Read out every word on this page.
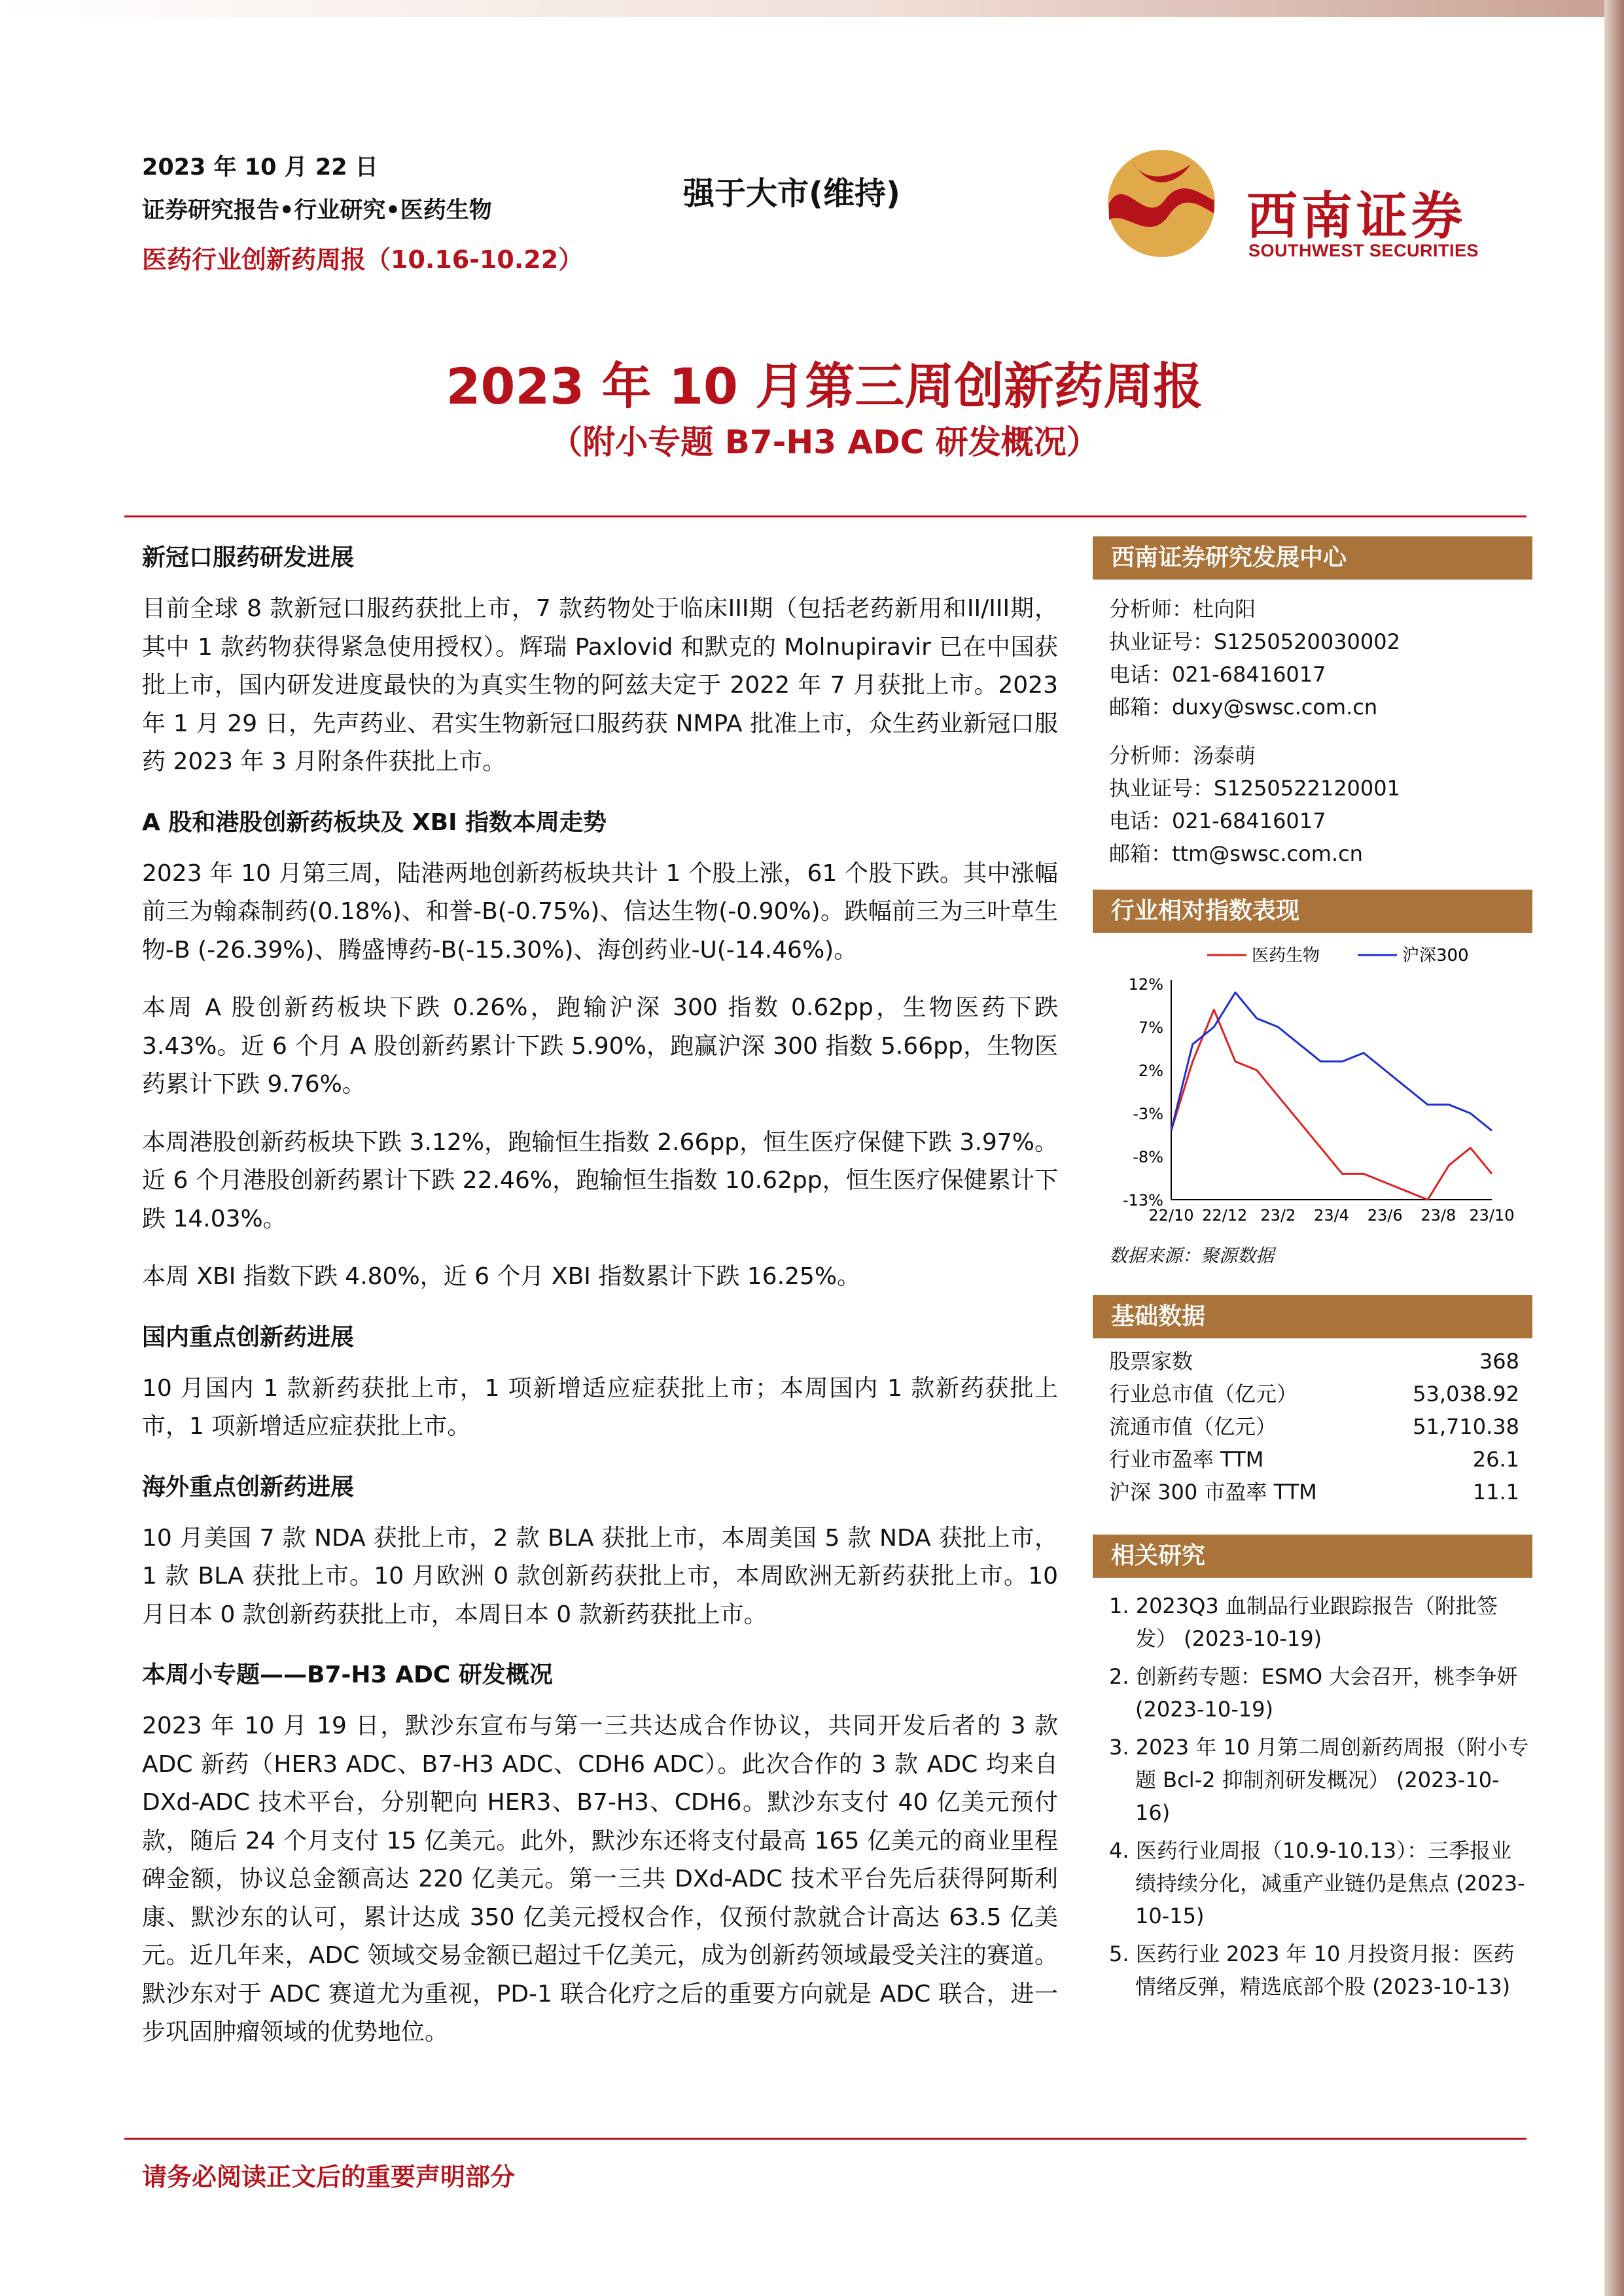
2023 年 10 月 22 日
证券研究报告•行业研究•医药生物
医药行业创新药周报（10.16-10.22）
强于大市(维持)	西南证券
SOUTHWEST SECURITIES
2023 年 10 月第三周创新药周报
（附小专题 B7-H3 ADC 研发概况）
新冠口服药研发进展

目前全球 8 款新冠口服药获批上市，7 款药物处于临床III期（包括老药新用和II/III期，其中 1 款药物获得紧急使用授权）。辉瑞 Paxlovid 和默克的 Molnupiravir 已在中国获批上市，国内研发进度最快的为真实生物的阿兹夫定于 2022 年 7 月获批上市。2023 年 1 月 29 日，先声药业、君实生物新冠口服药获 NMPA 批准上市，众生药业新冠口服药 2023 年 3 月附条件获批上市。

A 股和港股创新药板块及 XBI 指数本周走势

2023 年 10 月第三周，陆港两地创新药板块共计 1 个股上涨，61 个股下跌。其中涨幅前三为翰森制药(0.18%)、和誉-B(-0.75%)、信达生物(-0.90%)。跌幅前三为三叶草生物-B (-26.39%)、腾盛博药-B(-15.30%)、海创药业-U(-14.46%)。

本周 A 股创新药板块下跌 0.26%，跑输沪深 300 指数 0.62pp，生物医药下跌 3.43%。近 6 个月 A 股创新药累计下跌 5.90%，跑赢沪深 300 指数 5.66pp，生物医药累计下跌 9.76%。

本周港股创新药板块下跌 3.12%，跑输恒生指数 2.66pp，恒生医疗保健下跌 3.97%。近 6 个月港股创新药累计下跌 22.46%，跑输恒生指数 10.62pp，恒生医疗保健累计下跌 14.03%。

本周 XBI 指数下跌 4.80%，近 6 个月 XBI 指数累计下跌 16.25%。

国内重点创新药进展

10 月国内 1 款新药获批上市，1 项新增适应症获批上市；本周国内 1 款新药获批上市，1 项新增适应症获批上市。

海外重点创新药进展

10 月美国 7 款 NDA 获批上市，2 款 BLA 获批上市，本周美国 5 款 NDA 获批上市，1 款 BLA 获批上市。10 月欧洲 0 款创新药获批上市，本周欧洲无新药获批上市。10 月日本 0 款创新药获批上市，本周日本 0 款新药获批上市。

本周小专题——B7-H3 ADC 研发概况

2023 年 10 月 19 日，默沙东宣布与第一三共达成合作协议，共同开发后者的 3 款 ADC 新药（HER3 ADC、B7-H3 ADC、CDH6 ADC）。此次合作的 3 款 ADC 均来自 DXd-ADC 技术平台，分别靶向 HER3、B7-H3、CDH6。默沙东支付 40 亿美元预付款，随后 24 个月支付 15 亿美元。此外，默沙东还将支付最高 165 亿美元的商业里程碑金额，协议总金额高达 220 亿美元。第一三共 DXd-ADC 技术平台先后获得阿斯利康、默沙东的认可，累计达成 350 亿美元授权合作，仅预付款就合计高达 63.5 亿美元。近几年来，ADC 领域交易金额已超过千亿美元，成为创新药领域最受关注的赛道。默沙东对于 ADC 赛道尤为重视，PD-1 联合化疗之后的重要方向就是 ADC 联合，进一步巩固肿瘤领域的优势地位。

西南证券研究发展中心
分析师：杜向阳
执业证号：S1250520030002
电话：021-68416017
邮箱：duxy@swsc.com.cn
分析师：汤泰萌
执业证号：S1250522120001
电话：021-68416017
邮箱：ttm@swsc.com.cn
行业相对指数表现
12%
7%
2%
-3%
-8%
-13%
22/10 22/12 23/2 23/4 23/6 23/8 23/10
医药生物	沪深300
数据来源：聚源数据
基础数据
股票家数	368
行业总市值（亿元）	53,038.92
流通市值（亿元）	51,710.38
行业市盈率 TTM	26.1
沪深 300 市盈率 TTM	11.1
相关研究
1. 2023Q3 血制品行业跟踪报告（附批签发） (2023-10-19)
2. 创新药专题：ESMO 大会召开，桃李争妍 (2023-10-19)
3. 2023 年 10 月第二周创新药周报（附小专题 Bcl-2 抑制剂研发概况） (2023-10-16)
4. 医药行业周报（10.9-10.13）：三季报业绩持续分化，减重产业链仍是焦点 (2023-10-15)
5. 医药行业 2023 年 10 月投资月报：医药情绪反弹，精选底部个股 (2023-10-13)
请务必阅读正文后的重要声明部分
